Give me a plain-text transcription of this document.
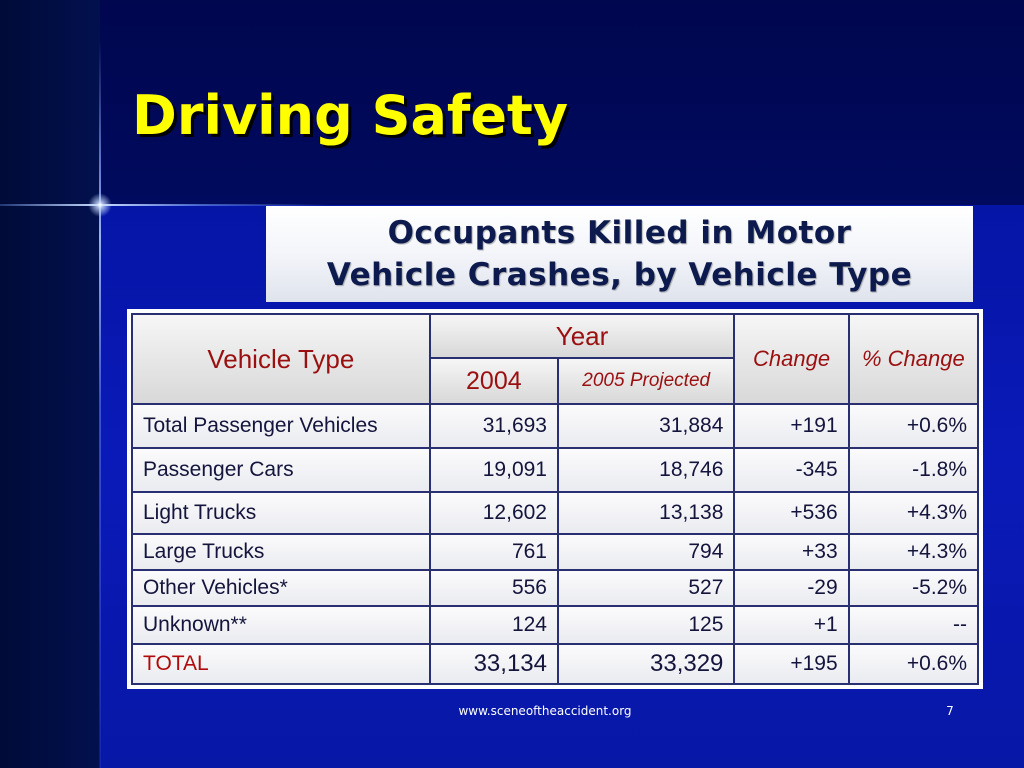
Driving Safety
Occupants Killed in Motor
Vehicle Crashes, by Vehicle Type
Vehicle Type	Year		Change	% Change
	2004	2005 Projected		
Total Passenger Vehicles	31,693	31,884	+191	+0.6%
Passenger Cars	19,091	18,746	-345	-1.8%
Light Trucks	12,602	13,138	+536	+4.3%
Large Trucks	761	794	+33	+4.3%
Other Vehicles*	556	527	-29	-5.2%
Unknown**	124	125	+1	--
TOTAL	33,134	33,329	+195	+0.6%
www.sceneoftheaccident.org	7
